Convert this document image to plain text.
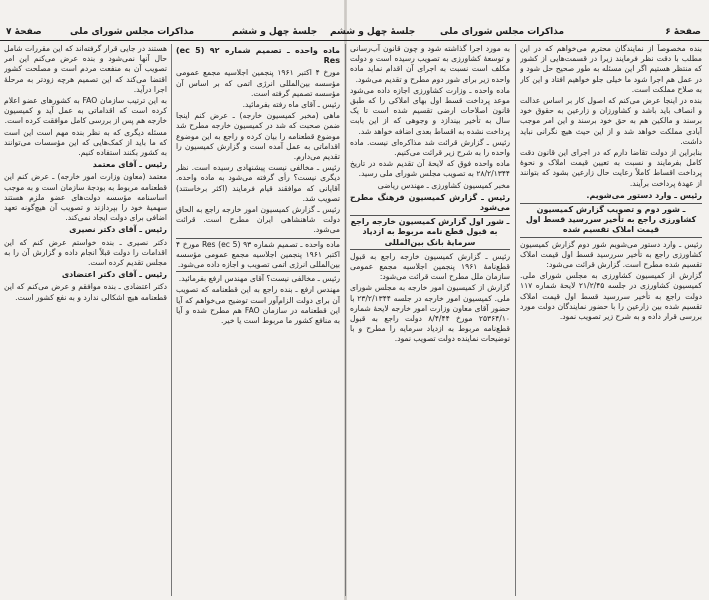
صفحهٔ ۷	مذاکرات مجلس شورای ملی	جلسهٔ چهل و ششم جلسهٔ چهل و ششم	مذاکرات مجلس شورای ملی	صفحهٔ ۶

بنده مخصوصاً از نمایندگان محترم می‌خواهم که در این مطلب با دقت نظر فرمایند زیرا در قسمت‌هایی از کشور که منتظر هستیم اگر این مسئله به طور صحیح حل شود و در عمل هم اجرا شود ما خیلی جلو خواهیم افتاد و این کار به صلاح مملکت است.

بنده در اینجا عرض می‌کنم که اصول کار بر اساس عدالت و انصاف باید باشد و کشاورزان و زارعین به حقوق خود برسند و مالکین هم به حق خود برسند و این امر موجب آبادی مملکت خواهد شد و از این حیث هیچ نگرانی نباید داشت.

بنابراین از دولت تقاضا دارم که در اجرای این قانون دقت کامل بفرمایند و نسبت به تعیین قیمت املاک و نحوهٔ پرداخت اقساط کاملاً رعایت حال زارعین بشود که بتوانند از عهدهٔ پرداخت برآیند.

رئیس ـ وارد دستور می‌شویم.

ـ شور دوم و تصویب گزارش کمیسیون کشاورزی راجع به تأخیر سررسید قسط اول قیمت املاک تقسیم شده

رئیس ـ وارد دستور می‌شویم شور دوم گزارش کمیسیون کشاورزی راجع به تأخیر سررسید قسط اول قیمت املاک تقسیم شده مطرح است. گزارش قرائت می‌شود:

گزارش از کمیسیون کشاورزی به مجلس شورای ملی. کمیسیون کشاورزی در جلسه ۲۱/۲/۴۵ لایحهٔ شماره ۱۱۷ دولت راجع به تأخیر سررسید قسط اول قیمت املاک تقسیم شده بین زارعین را با حضور نمایندگان دولت مورد بررسی قرار داده و به شرح زیر تصویب نمود.

به مورد اجرا گذاشته شود و چون قانون آب‌رسانی و توسعهٔ کشاورزی به تصویب رسیده است و دولت مکلف است نسبت به اجرای آن اقدام نماید ماده واحده زیر برای شور دوم مطرح و تقدیم می‌شود.

ماده واحده ـ وزارت کشاورزی اجازه داده می‌شود موعد پرداخت قسط اول بهای املاکی را که طبق قانون اصلاحات ارضی تقسیم شده است تا یک سال به تأخیر بیندازد و وجوهی که از این بابت پرداخت نشده به اقساط بعدی اضافه خواهد شد.

رئیس ـ گزارش قرائت شد مذاکره‌ای نیست. ماده واحده را به شرح زیر قرائت می‌کنیم.

ماده واحده فوق که لایحهٔ آن تقدیم شده در تاریخ ۲۸/۲/۱۳۴۴ به تصویب مجلس شورای ملی رسید.

مخبر کمیسیون کشاورزی ـ مهندس ریاضی

رئیس ـ گزارش کمیسیون فرهنگ مطرح می‌شود

ـ شور اول گزارش کمیسیون خارجه راجع به قبول قطع نامه مربوط به ازدیاد سرمایهٔ بانک بین‌المللی

رئیس ـ گزارش کمیسیون خارجه راجع به قبول قطع‌نامهٔ ۱۹۶۱ پنجمین اجلاسیه مجمع عمومی سازمان ملل مطرح است قرائت می‌شود:

گزارش از کمیسیون امور خارجه به مجلس شورای ملی. کمیسیون امور خارجه در جلسه ۲۳/۲/۱۳۴۴ با حضور آقای معاون وزارت امور خارجه لایحهٔ شماره ۲۵۳۶۴/۱۰ مورخ ۸/۴/۴۴ دولت راجع به قبول قطع‌نامه مربوط به ازدیاد سرمایه را مطرح و با توضیحات نماینده دولت تصویب نمود.

ماده واحده ـ تصمیم شماره ۹۲ (ec 5) Res

مورخ ۴ اکتبر ۱۹۶۱ پنجمین اجلاسیه مجمع عمومی مؤسسه بین‌المللی انرژی اتمی که بر اساس آن مؤسسه تصمیم گرفته است.

رئیس ـ آقای ماه رفته بفرمائید.

ماهی (مخبر کمیسیون خارجه) ـ عرض کنم اینجا ضمن صحبت که شد در کمیسیون خارجه مطرح شد موضوع قطعنامه را بیان کرده و راجع به این موضوع اقداماتی به عمل آمده است و گزارش کمیسیون را تقدیم می‌دارم.

رئیس ـ مخالفی نیست پیشنهادی رسیده است. نظر دیگری نیست؟ رأی گرفته می‌شود به ماده واحده. آقایانی که موافقند قیام فرمایند (اکثر برخاستند) تصویب شد.

رئیس ـ گزارش کمیسیون امور خارجه راجع به الحاق دولت شاهنشاهی ایران مطرح است. قرائت می‌شود.

ماده واحده ـ تصمیم شماره ۹۳ (ec 5) Res مورخ ۴ اکتبر ۱۹۶۱ پنجمین اجلاسیه مجمع عمومی مؤسسه بین‌المللی انرژی اتمی تصویب و اجازه داده می‌شود.

رئیس ـ مخالفی نیست؟ آقای مهندس ارفع بفرمائید.

مهندس ارفع ـ بنده راجع به این قطعنامه که تصویب آن برای دولت الزام‌آور است توضیح می‌خواهم که آیا این قطعنامه در سازمان FAO هم مطرح شده و آیا به منافع کشور ما مربوط است یا خیر.

هستند در جایی قرار گرفته‌اند که این مقررات شامل حال آنها نمی‌شود و بنده عرض می‌کنم این امر تصویب آن به منفعت مردم است و مصلحت کشور اقتضا می‌کند که این تصمیم هرچه زودتر به مرحلهٔ اجرا درآید.

به این ترتیب سازمان FAO به کشورهای عضو اعلام کرده است که اقداماتی به عمل آید و کمیسیون خارجه هم پس از بررسی کامل موافقت کرده است.

مسئله دیگری که به نظر بنده مهم است این است که ما باید از کمک‌هایی که این مؤسسات می‌توانند به کشور بکنند استفاده کنیم.

رئیس ـ آقای معتمد

معتمد (معاون وزارت امور خارجه) ـ عرض کنم این قطعنامه مربوط به بودجهٔ سازمان است و به موجب اساسنامه مؤسسه دولت‌های عضو ملزم هستند سهمیهٔ خود را بپردازند و تصویب آن هیچ‌گونه تعهد اضافی برای دولت ایجاد نمی‌کند.

رئیس ـ آقای دکتر نصیری

دکتر نصیری ـ بنده خواستم عرض کنم که این اقدامات را دولت قبلاً انجام داده و گزارش آن را به مجلس تقدیم کرده است.

رئیس ـ آقای دکتر اعتضادی

دکتر اعتضادی ـ بنده موافقم و عرض می‌کنم که این قطعنامه هیچ اشکالی ندارد و به نفع کشور است.
